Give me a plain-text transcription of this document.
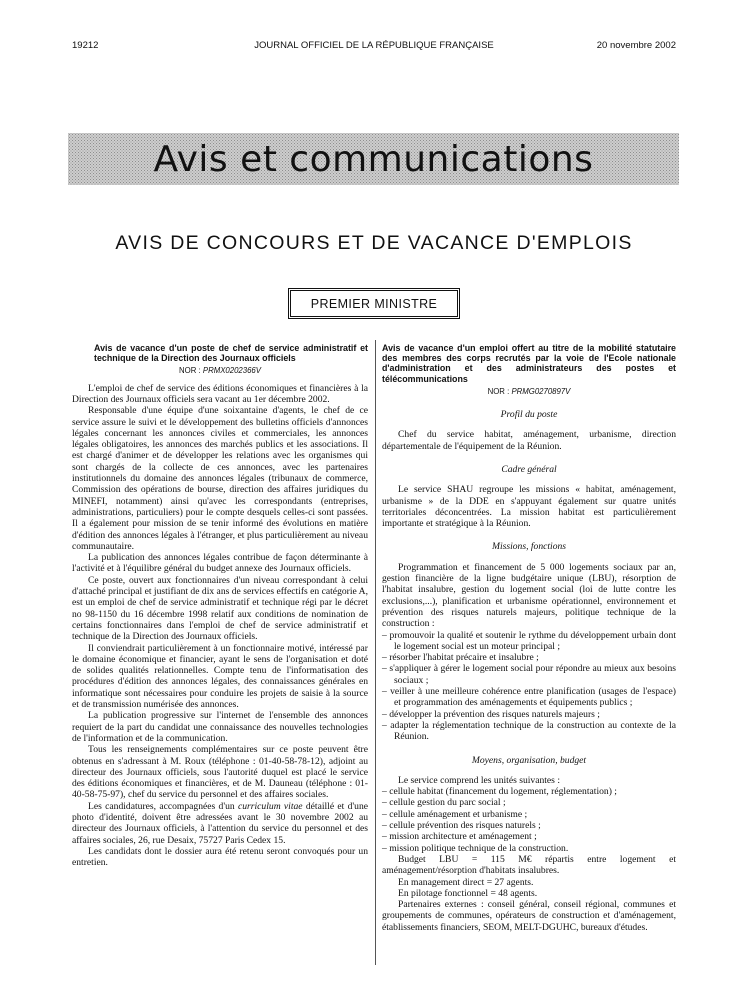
19212	JOURNAL OFFICIEL DE LA RÉPUBLIQUE FRANÇAISE	20 novembre 2002
Avis et communications
AVIS DE CONCOURS ET DE VACANCE D'EMPLOIS
PREMIER MINISTRE

Avis de vacance d'un poste de chef de service administratif et technique de la Direction des Journaux officiels

NOR : PRMX0202366V

L'emploi de chef de service des éditions économiques et financières à la Direction des Journaux officiels sera vacant au 1er décembre 2002.

Responsable d'une équipe d'une soixantaine d'agents, le chef de ce service assure le suivi et le développement des bulletins officiels d'annonces légales concernant les annonces civiles et commerciales, les annonces légales obligatoires, les annonces des marchés publics et les associations. Il est chargé d'animer et de développer les relations avec les organismes qui sont chargés de la collecte de ces annonces, avec les partenaires institutionnels du domaine des annonces légales (tribunaux de commerce, Commission des opérations de bourse, direction des affaires juridiques du MINEFI, notamment) ainsi qu'avec les correspondants (entreprises, administrations, particuliers) pour le compte desquels celles-ci sont passées. Il a également pour mission de se tenir informé des évolutions en matière d'édition des annonces légales à l'étranger, et plus particulièrement au niveau communautaire.

La publication des annonces légales contribue de façon déterminante à l'activité et à l'équilibre général du budget annexe des Journaux officiels.

Ce poste, ouvert aux fonctionnaires d'un niveau correspondant à celui d'attaché principal et justifiant de dix ans de services effectifs en catégorie A, est un emploi de chef de service administratif et technique régi par le décret no 98-1150 du 16 décembre 1998 relatif aux conditions de nomination de certains fonctionnaires dans l'emploi de chef de service administratif et technique de la Direction des Journaux officiels.

Il conviendrait particulièrement à un fonctionnaire motivé, intéressé par le domaine économique et financier, ayant le sens de l'organisation et doté de solides qualités relationnelles. Compte tenu de l'informatisation des procédures d'édition des annonces légales, des connaissances générales en informatique sont nécessaires pour conduire les projets de saisie à la source et de transmission numérisée des annonces.

La publication progressive sur l'internet de l'ensemble des annonces requiert de la part du candidat une connaissance des nouvelles technologies de l'information et de la communication.

Tous les renseignements complémentaires sur ce poste peuvent être obtenus en s'adressant à M. Roux (téléphone : 01-40-58-78-12), adjoint au directeur des Journaux officiels, sous l'autorité duquel est placé le service des éditions économiques et financières, et de M. Dauneau (téléphone : 01-40-58-75-97), chef du service du personnel et des affaires sociales.

Les candidatures, accompagnées d'un curriculum vitae détaillé et d'une photo d'identité, doivent être adressées avant le 30 novembre 2002 au directeur des Journaux officiels, à l'attention du service du personnel et des affaires sociales, 26, rue Desaix, 75727 Paris Cedex 15.

Les candidats dont le dossier aura été retenu seront convoqués pour un entretien.

Avis de vacance d'un emploi offert au titre de la mobilité statutaire des membres des corps recrutés par la voie de l'Ecole nationale d'administration et des administrateurs des postes et télécommunications

NOR : PRMG0270897V
Profil du poste

Chef du service habitat, aménagement, urbanisme, direction départementale de l'équipement de la Réunion.

Cadre général

Le service SHAU regroupe les missions « habitat, aménagement, urbanisme » de la DDE en s'appuyant également sur quatre unités territoriales déconcentrées. La mission habitat est particulièrement importante et stratégique à la Réunion.

Missions, fonctions

Programmation et financement de 5 000 logements sociaux par an, gestion financière de la ligne budgétaire unique (LBU), résorption de l'habitat insalubre, gestion du logement social (loi de lutte contre les exclusions,...), planification et urbanisme opérationnel, environnement et prévention des risques naturels majeurs, politique technique de la construction :

– promouvoir la qualité et soutenir le rythme du développement urbain dont le logement social est un moteur principal ;
– résorber l'habitat précaire et insalubre ;
– s'appliquer à gérer le logement social pour répondre au mieux aux besoins sociaux ;
– veiller à une meilleure cohérence entre planification (usages de l'espace) et programmation des aménagements et équipements publics ;
– développer la prévention des risques naturels majeurs ;
– adapter la réglementation technique de la construction au contexte de la Réunion.
Moyens, organisation, budget

Le service comprend les unités suivantes :

– cellule habitat (financement du logement, réglementation) ;
– cellule gestion du parc social ;
– cellule aménagement et urbanisme ;
– cellule prévention des risques naturels ;
– mission architecture et aménagement ;
– mission politique technique de la construction.

Budget LBU = 115 M€ répartis entre logement et aménagement/résorption d'habitats insalubres.

En management direct = 27 agents.

En pilotage fonctionnel = 48 agents.

Partenaires externes : conseil général, conseil régional, communes et groupements de communes, opérateurs de construction et d'aménagement, établissements financiers, SEOM, MELT-DGUHC, bureaux d'études.
